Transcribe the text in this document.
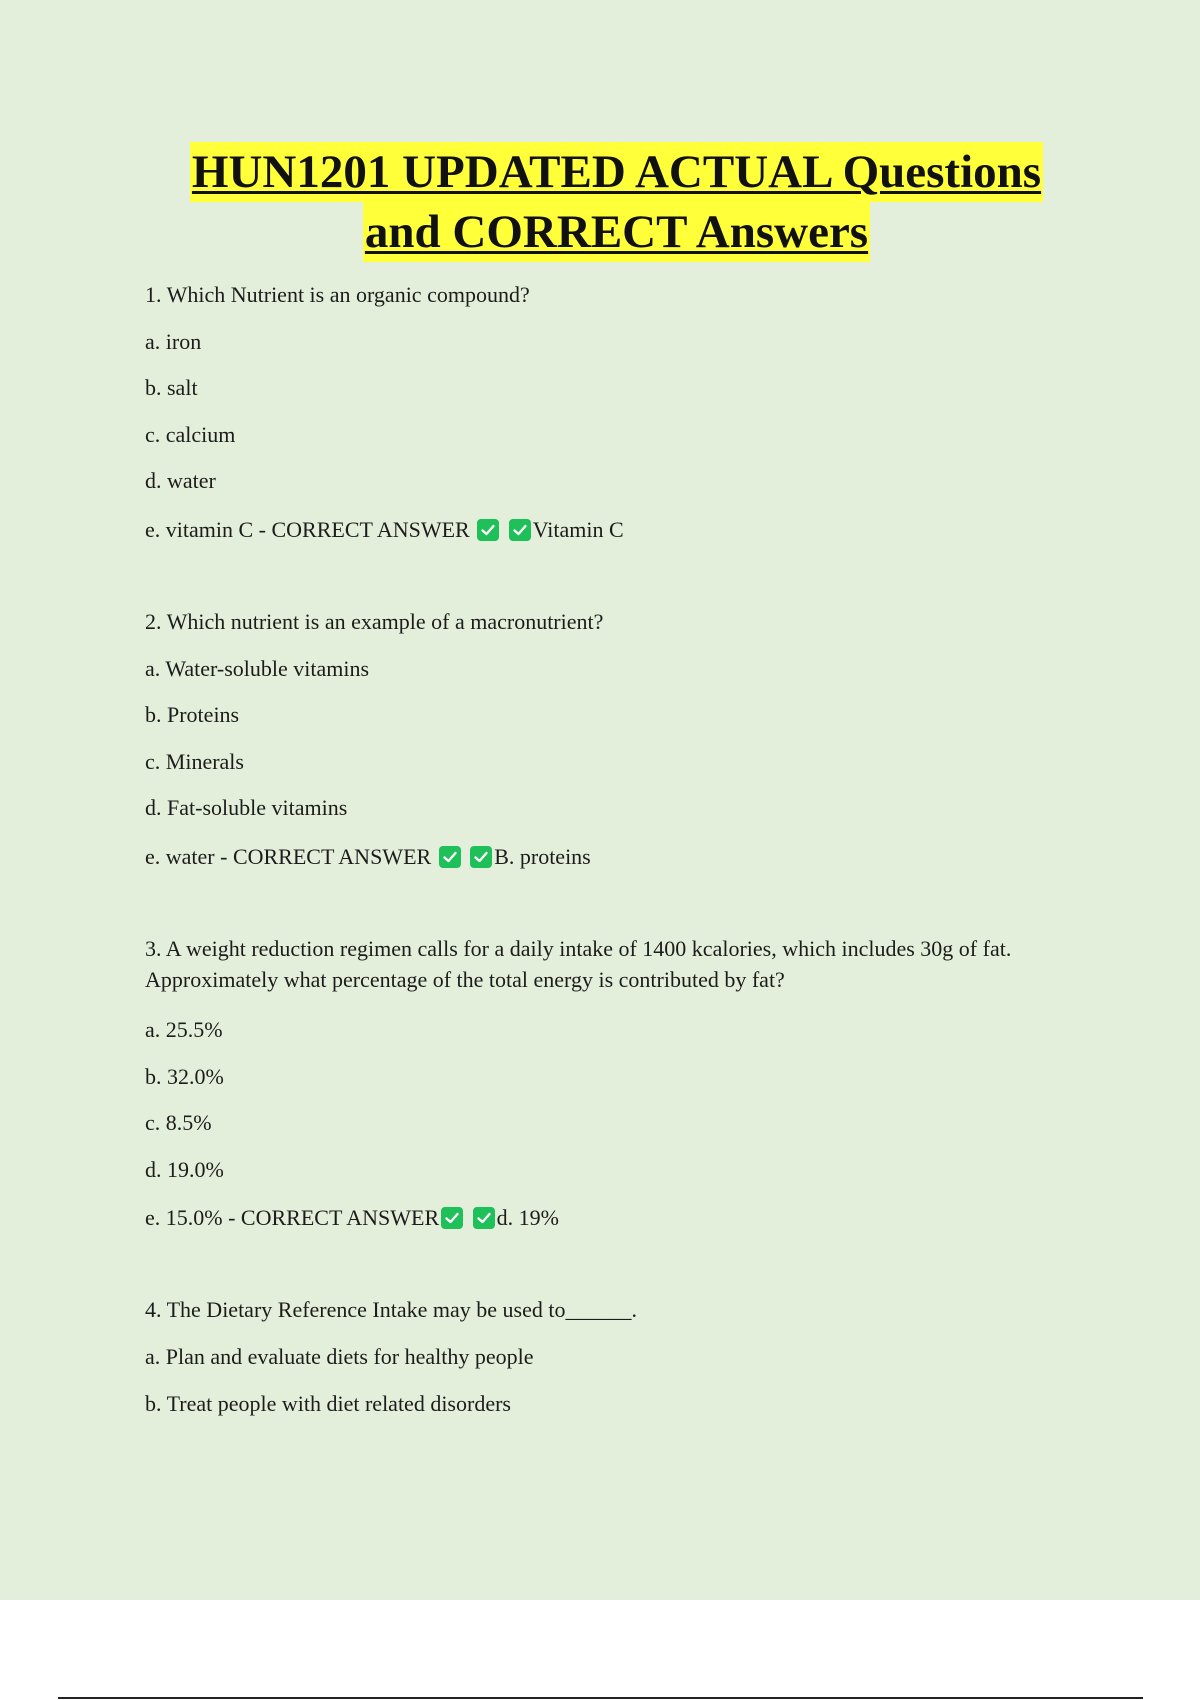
HUN1201 UPDATED ACTUAL Questions
and CORRECT Answers
1. Which Nutrient is an organic compound?
a. iron
b. salt
c. calcium
d. water
e. vitamin C - CORRECT ANSWER
	Vitamin C
2. Which nutrient is an example of a macronutrient?
a. Water-soluble vitamins
b. Proteins
c. Minerals
d. Fat-soluble vitamins
e. water - CORRECT ANSWER
	B. proteins
3. A weight reduction regimen calls for a daily intake of 1400 kcalories, which includes 30g of fat. Approximately what percentage of the total energy is contributed by fat?
a. 25.5%
b. 32.0%
c. 8.5%
d. 19.0%
e. 15.0% - CORRECT ANSWER
	d. 19%
4. The Dietary Reference Intake may be used to______.
a. Plan and evaluate diets for healthy people
b. Treat people with diet related disorders
